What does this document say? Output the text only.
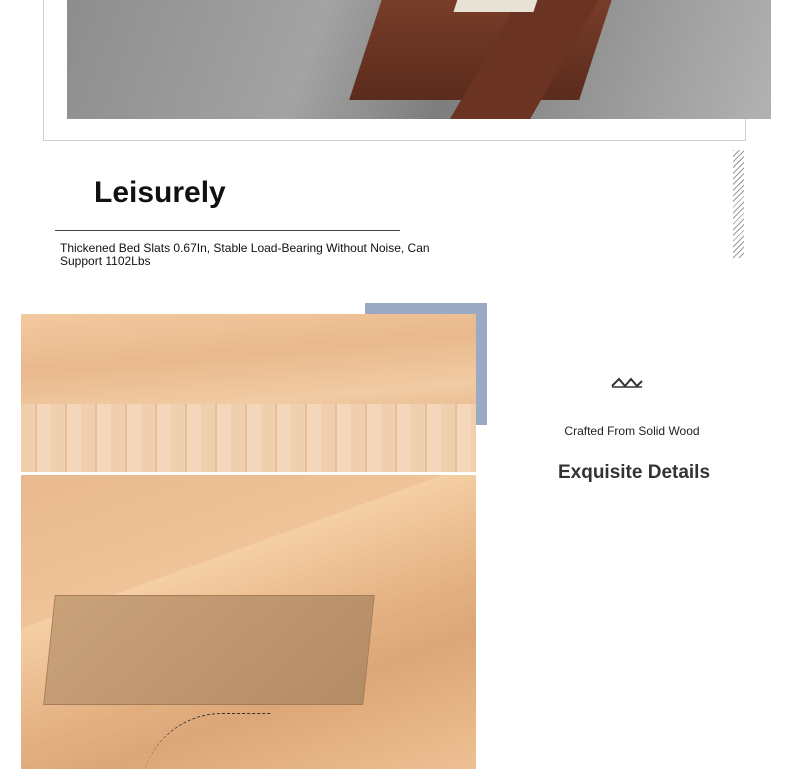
Leisurely

Thickened Bed Slats 0.67In, Stable Load-Bearing Without Noise, Can Support 1102Lbs

Crafted From Solid Wood

Exquisite Details
